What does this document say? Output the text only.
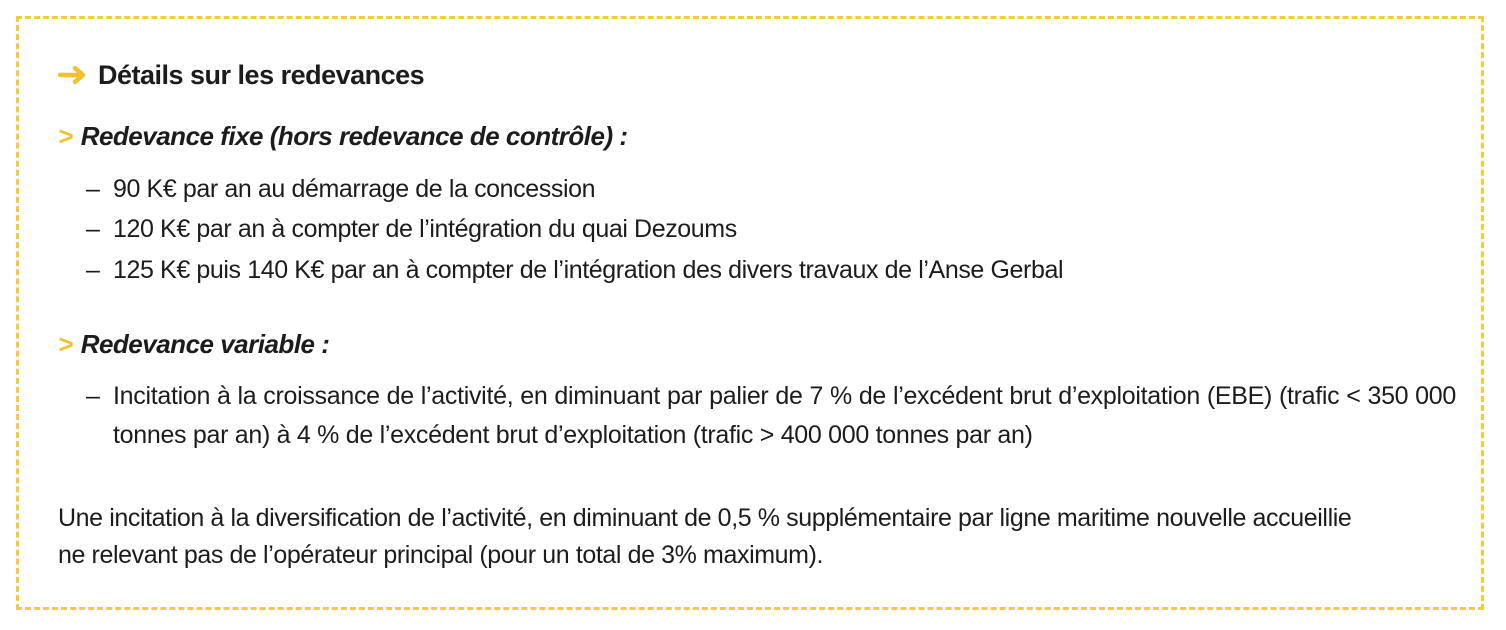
Détails sur les redevances
> Redevance fixe (hors redevance de contrôle) :
– 90 K€ par an au démarrage de la concession
– 120 K€ par an à compter de l’intégration du quai Dezoums
– 125 K€ puis 140 K€ par an à compter de l’intégration des divers travaux de l’Anse Gerbal
> Redevance variable :
– Incitation à la croissance de l’activité, en diminuant par palier de 7 % de l’excédent brut d’exploitation (EBE) (trafic < 350 000 tonnes par an) à 4 % de l’excédent brut d’exploitation (trafic > 400 000 tonnes par an)
Une incitation à la diversification de l’activité, en diminuant de 0,5 % supplémentaire par ligne maritime nouvelle accueillie ne relevant pas de l’opérateur principal (pour un total de 3% maximum).
